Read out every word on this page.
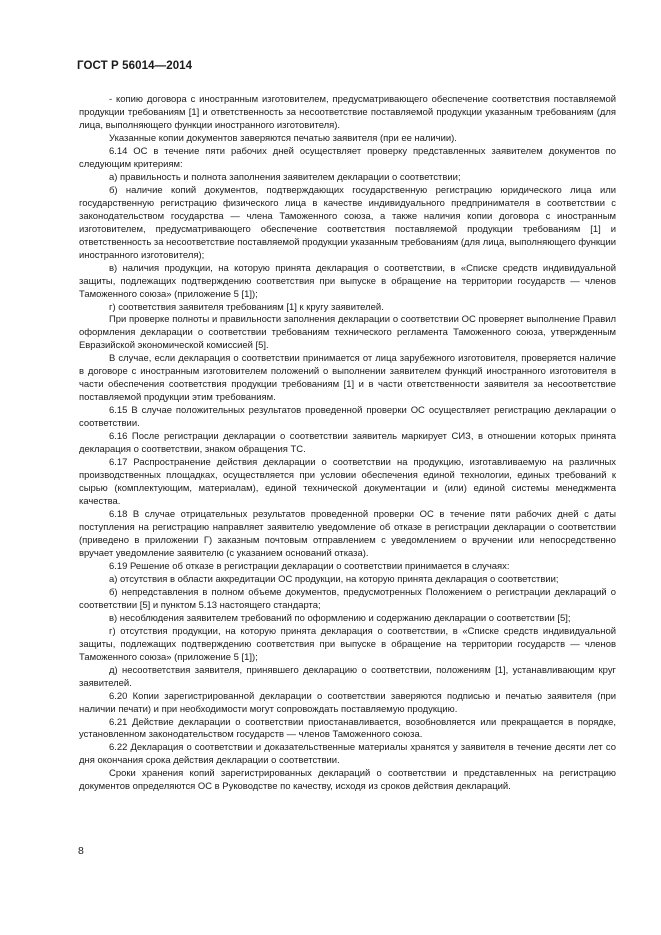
ГОСТ Р 56014—2014

- копию договора с иностранным изготовителем, предусматривающего обеспечение соответствия поставляемой продукции требованиям [1] и ответственность за несоответствие поставляемой продукции указанным требованиям (для лица, выполняющего функции иностранного изготовителя).

Указанные копии документов заверяются печатью заявителя (при ее наличии).

6.14 ОС в течение пяти рабочих дней осуществляет проверку представленных заявителем документов по следующим критериям:

а) правильность и полнота заполнения заявителем декларации о соответствии;

б) наличие копий документов, подтверждающих государственную регистрацию юридического лица или государственную регистрацию физического лица в качестве индивидуального предпринимателя в соответствии с законодательством государства — члена Таможенного союза, а также наличия копии договора с иностранным изготовителем, предусматривающего обеспечение соответствия поставляемой продукции требованиям [1] и ответственность за несоответствие поставляемой продукции указанным требованиям (для лица, выполняющего функции иностранного изготовителя);

в) наличия продукции, на которую принята декларация о соответствии, в «Списке средств индивидуальной защиты, подлежащих подтверждению соответствия при выпуске в обращение на территории государств — членов Таможенного союза» (приложение 5 [1]);

г) соответствия заявителя требованиям [1] к кругу заявителей.

При проверке полноты и правильности заполнения декларации о соответствии ОС проверяет выполнение Правил оформления декларации о соответствии требованиям технического регламента Таможенного союза, утвержденным Евразийской экономической комиссией [5].

В случае, если декларация о соответствии принимается от лица зарубежного изготовителя, проверяется наличие в договоре с иностранным изготовителем положений о выполнении заявителем функций иностранного изготовителя в части обеспечения соответствия продукции требованиям [1] и в части ответственности заявителя за несоответствие поставляемой продукции этим требованиям.

6.15 В случае положительных результатов проведенной проверки ОС осуществляет регистрацию декларации о соответствии.

6.16 После регистрации декларации о соответствии заявитель маркирует СИЗ, в отношении которых принята декларация о соответствии, знаком обращения ТС.

6.17 Распространение действия декларации о соответствии на продукцию, изготавливаемую на различных производственных площадках, осуществляется при условии обеспечения единой технологии, единых требований к сырью (комплектующим, материалам), единой технической документации и (или) единой системы менеджмента качества.

6.18 В случае отрицательных результатов проведенной проверки ОС в течение пяти рабочих дней с даты поступления на регистрацию направляет заявителю уведомление об отказе в регистрации декларации о соответствии (приведено в приложении Г) заказным почтовым отправлением с уведомлением о вручении или непосредственно вручает уведомление заявителю (с указанием оснований отказа).

6.19 Решение об отказе в регистрации декларации о соответствии принимается в случаях:

а) отсутствия в области аккредитации ОС продукции, на которую принята декларация о соответствии;

б) непредставления в полном объеме документов, предусмотренных Положением о регистрации деклараций о соответствии [5] и пунктом 5.13 настоящего стандарта;

в) несоблюдения заявителем требований по оформлению и содержанию декларации о соответствии [5];

г) отсутствия продукции, на которую принята декларация о соответствии, в «Списке средств индивидуальной защиты, подлежащих подтверждению соответствия при выпуске в обращение на территории государств — членов Таможенного союза» (приложение 5 [1]);

д) несоответствия заявителя, принявшего декларацию о соответствии, положениям [1], устанавливающим круг заявителей.

6.20 Копии зарегистрированной декларации о соответствии заверяются подписью и печатью заявителя (при наличии печати) и при необходимости могут сопровождать поставляемую продукцию.

6.21 Действие декларации о соответствии приостанавливается, возобновляется или прекращается в порядке, установленном законодательством государств — членов Таможенного союза.

6.22 Декларация о соответствии и доказательственные материалы хранятся у заявителя в течение десяти лет со дня окончания срока действия декларации о соответствии.

Сроки хранения копий зарегистрированных деклараций о соответствии и представленных на регистрацию документов определяются ОС в Руководстве по качеству, исходя из сроков действия деклараций.

8
